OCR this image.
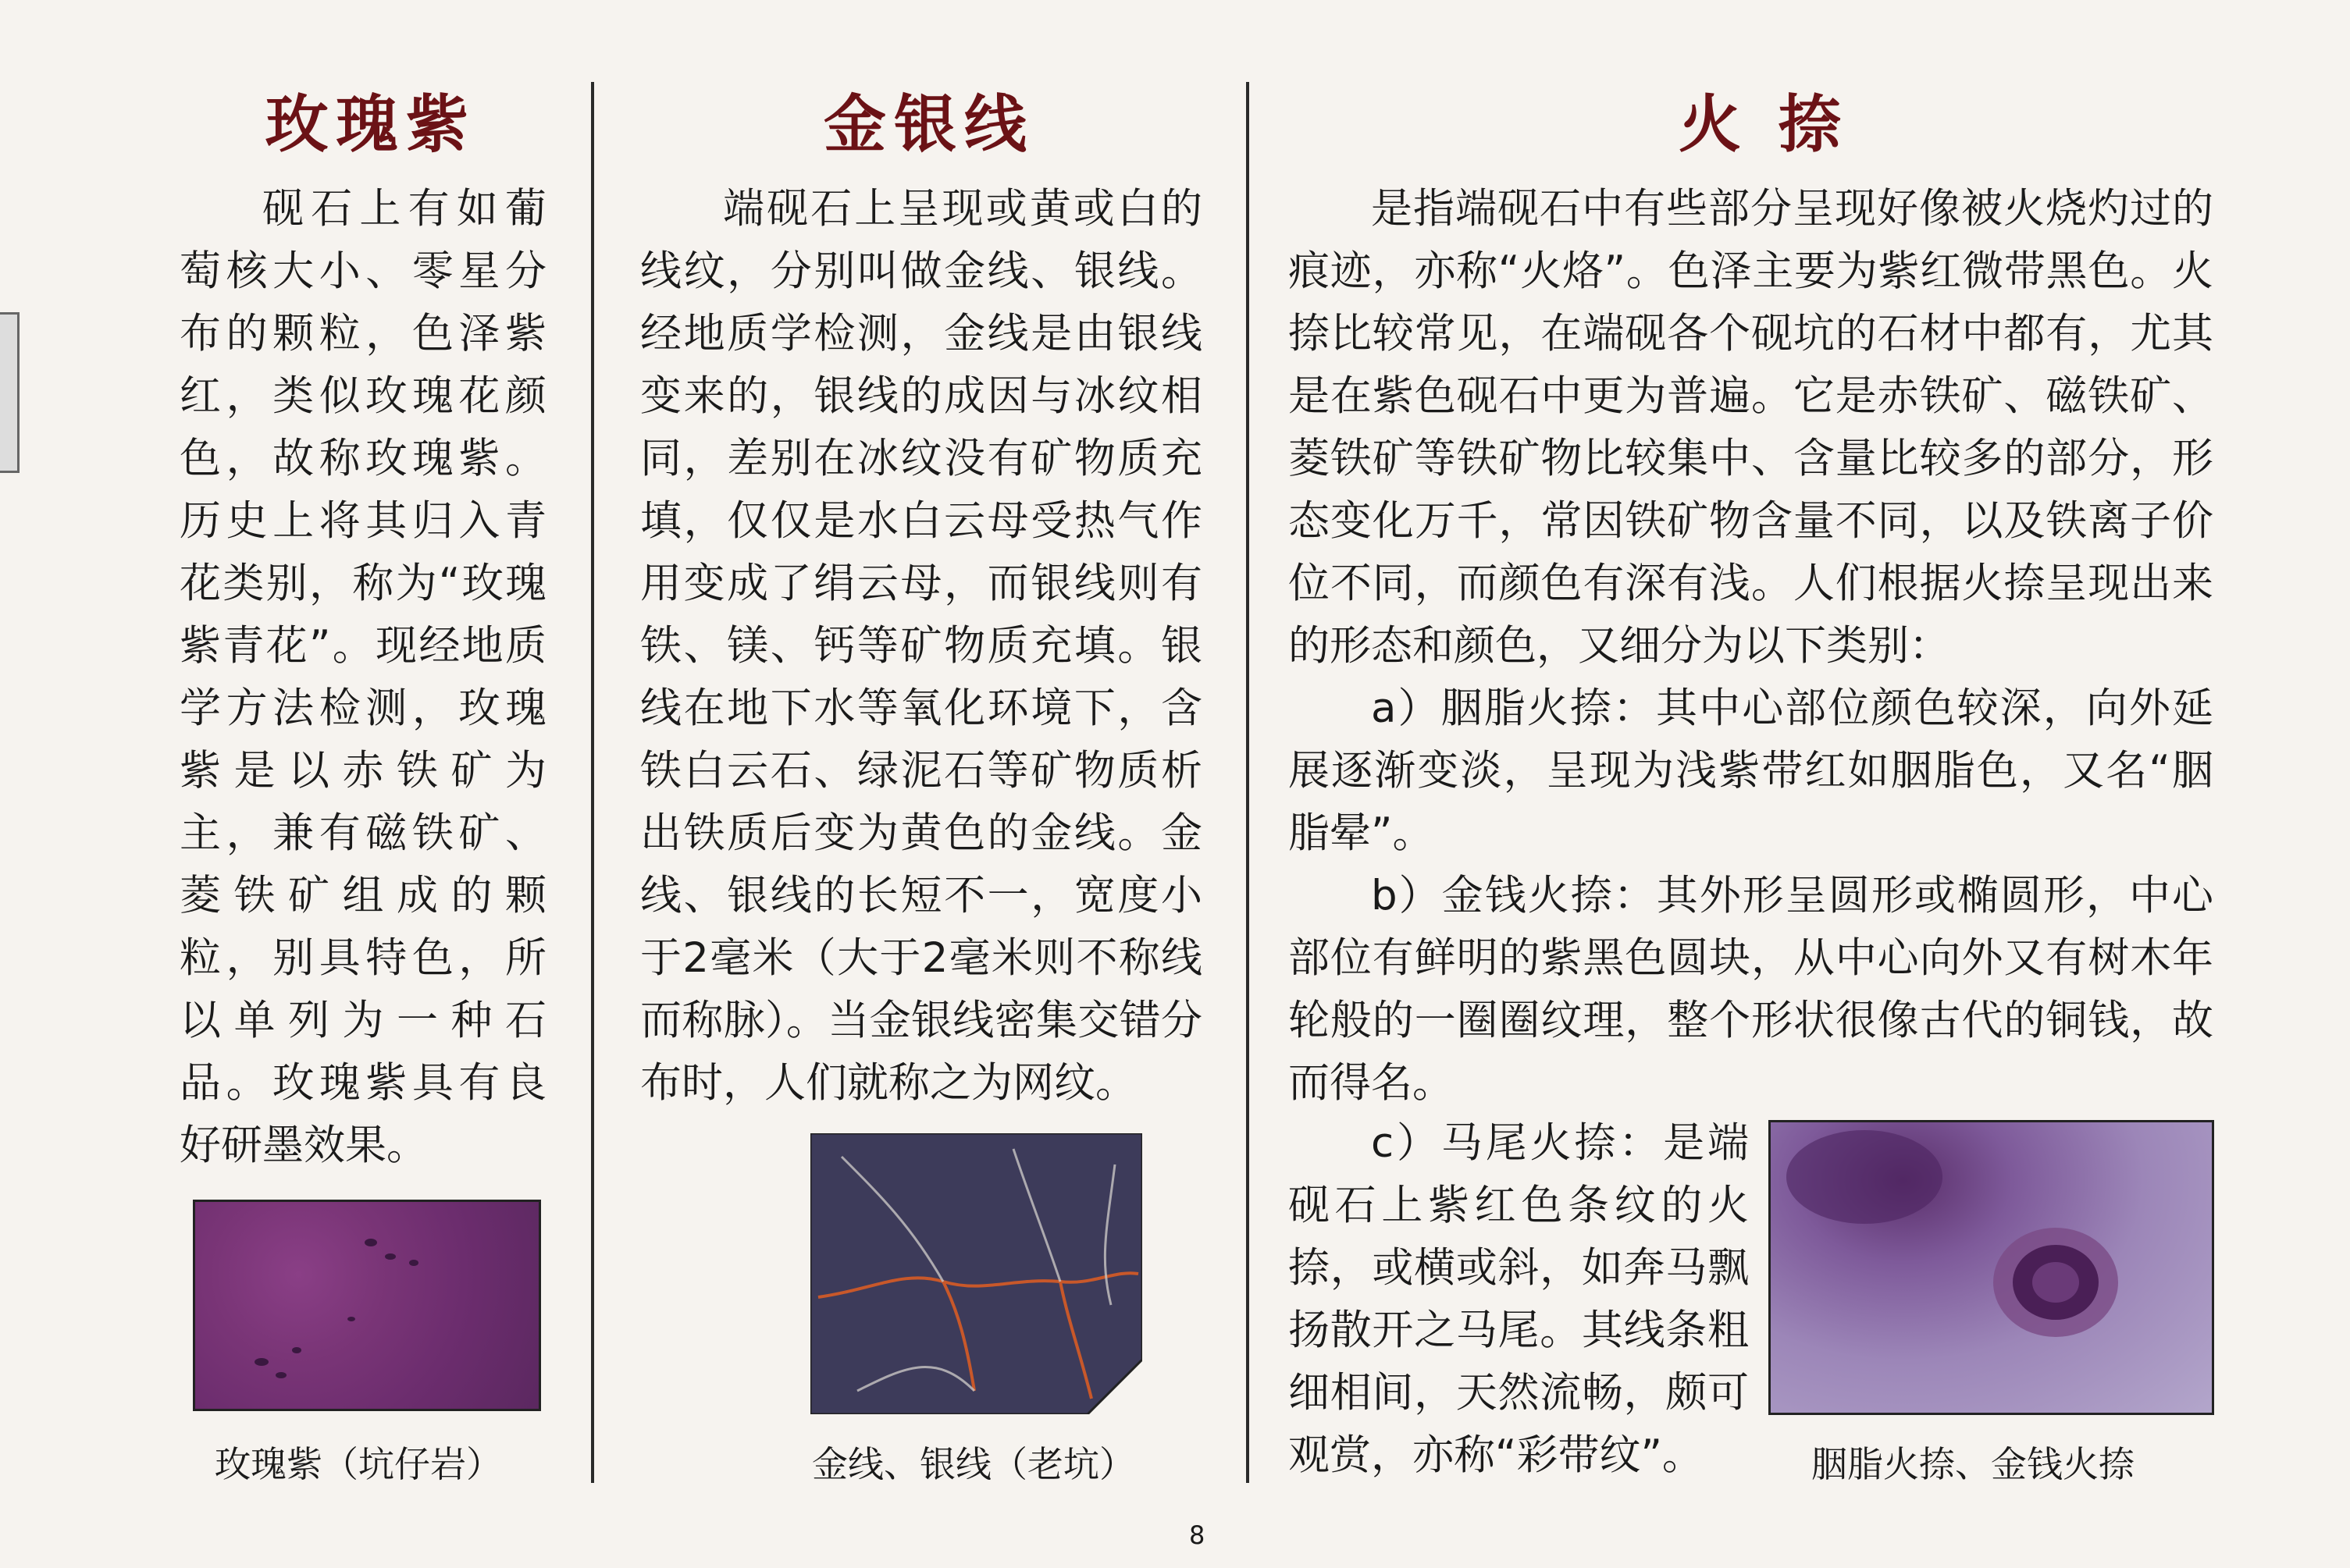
玫瑰紫

砚石上有如葡萄核大小、零星分布的颗粒，色泽紫红，类似玫瑰花颜色，故称玫瑰紫。历史上将其归入青花类别，称为“玫瑰紫青花”。现经地质学方法检测，玫瑰紫是以赤铁矿为主，兼有磁铁矿、菱铁矿组成的颗粒，别具特色，所以单列为一种石品。玫瑰紫具有良好研墨效果。

玫瑰紫（坑仔岩）
金银线

端砚石上呈现或黄或白的线纹，分别叫做金线、银线。经地质学检测，金线是由银线变来的，银线的成因与冰纹相同，差别在冰纹没有矿物质充填，仅仅是水白云母受热气作用变成了绢云母，而银线则有铁、镁、钙等矿物质充填。银线在地下水等氧化环境下，含铁白云石、绿泥石等矿物质析出铁质后变为黄色的金线。金线、银线的长短不一，宽度小于2毫米（大于2毫米则不称线而称脉）。当金银线密集交错分布时，人们就称之为网纹。

金线、银线（老坑）
火 捺

是指端砚石中有些部分呈现好像被火烧灼过的痕迹，亦称“火烙”。色泽主要为紫红微带黑色。火捺比较常见，在端砚各个砚坑的石材中都有，尤其是在紫色砚石中更为普遍。它是赤铁矿、磁铁矿、菱铁矿等铁矿物比较集中、含量比较多的部分，形态变化万千，常因铁矿物含量不同，以及铁离子价位不同，而颜色有深有浅。人们根据火捺呈现出来的形态和颜色，又细分为以下类别：

a）胭脂火捺：其中心部位颜色较深，向外延展逐渐变淡，呈现为浅紫带红如胭脂色，又名“胭脂晕”。

b）金钱火捺：其外形呈圆形或椭圆形，中心部位有鲜明的紫黑色圆块，从中心向外又有树木年轮般的一圈圈纹理，整个形状很像古代的铜钱，故而得名。

c）马尾火捺：是端砚石上紫红色条纹的火捺，或横或斜，如奔马飘扬散开之马尾。其线条粗细相间，天然流畅，颇可观赏，亦称“彩带纹”。	胭脂火捺、金钱火捺
8
